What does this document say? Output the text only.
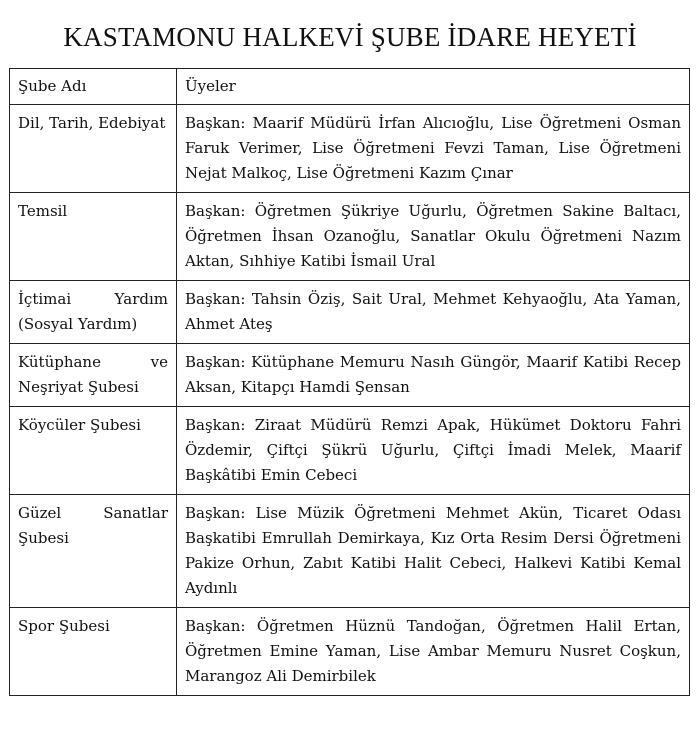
KASTAMONU HALKEVİ ŞUBE İDARE HEYETİ
Şube Adı	Üyeler
Dil, Tarih, Edebiyat	Başkan: Maarif Müdürü İrfan Alıcıoğlu, Lise Öğretmeni Osman Faruk Verimer, Lise Öğretmeni Fevzi Taman, Lise Öğretmeni Nejat Malkoç, Lise Öğretmeni Kazım Çınar
Temsil	Başkan: Öğretmen Şükriye Uğurlu, Öğretmen Sakine Baltacı, Öğretmen İhsan Ozanoğlu, Sanatlar Okulu Öğretmeni Nazım Aktan, Sıhhiye Katibi İsmail Ural
İçtimai Yardım (Sosyal Yardım)	Başkan: Tahsin Öziş, Sait Ural, Mehmet Kehyaoğlu, Ata Yaman, Ahmet Ateş
Kütüphane ve Neşriyat Şubesi	Başkan: Kütüphane Memuru Nasıh Güngör, Maarif Katibi Recep Aksan, Kitapçı Hamdi Şensan
Köycüler Şubesi	Başkan: Ziraat Müdürü Remzi Apak, Hükümet Doktoru Fahri Özdemir, Çiftçi Şükrü Uğurlu, Çiftçi İmadi Melek, Maarif Başkâtibi Emin Cebeci
Güzel Sanatlar Şubesi	Başkan: Lise Müzik Öğretmeni Mehmet Akün, Ticaret Odası Başkatibi Emrullah Demirkaya, Kız Orta Resim Dersi Öğretmeni Pakize Orhun, Zabıt Katibi Halit Cebeci, Halkevi Katibi Kemal Aydınlı
Spor Şubesi	Başkan: Öğretmen Hüznü Tandoğan, Öğretmen Halil Ertan, Öğretmen Emine Yaman, Lise Ambar Memuru Nusret Coşkun, Marangoz Ali Demirbilek
